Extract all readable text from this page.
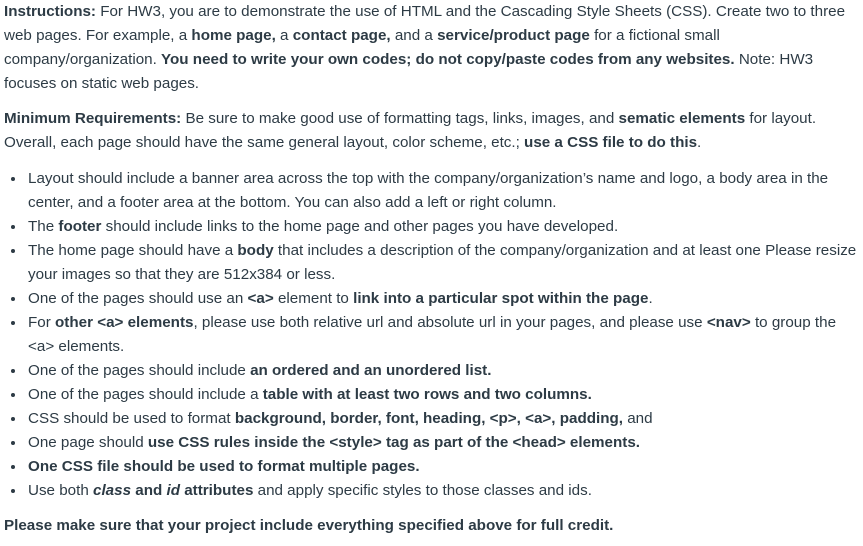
Instructions: For HW3, you are to demonstrate the use of HTML and the Cascading Style Sheets (CSS). Create two to three web pages. For example, a home page, a contact page, and a service/product page for a fictional small company/organization. You need to write your own codes; do not copy/paste codes from any websites. Note: HW3 focuses on static web pages.

Minimum Requirements: Be sure to make good use of formatting tags, links, images, and sematic elements for layout. Overall, each page should have the same general layout, color scheme, etc.; use a CSS file to do this.

Layout should include a banner area across the top with the company/organization’s name and logo, a body area in the center, and a footer area at the bottom. You can also add a left or right column.
The footer should include links to the home page and other pages you have developed.
The home page should have a body that includes a description of the company/organization and at least one Please resize your images so that they are 512x384 or less.
One of the pages should use an <a> element to link into a particular spot within the page.
For other <a> elements, please use both relative url and absolute url in your pages, and please use <nav> to group the <a> elements.
One of the pages should include an ordered and an unordered list.
One of the pages should include a table with at least two rows and two columns.
CSS should be used to format background, border, font, heading, <p>, <a>, padding, and
One page should use CSS rules inside the <style> tag as part of the <head> elements.
One CSS file should be used to format multiple pages.
Use both class and id attributes and apply specific styles to those classes and ids.

Please make sure that your project include everything specified above for full credit.
